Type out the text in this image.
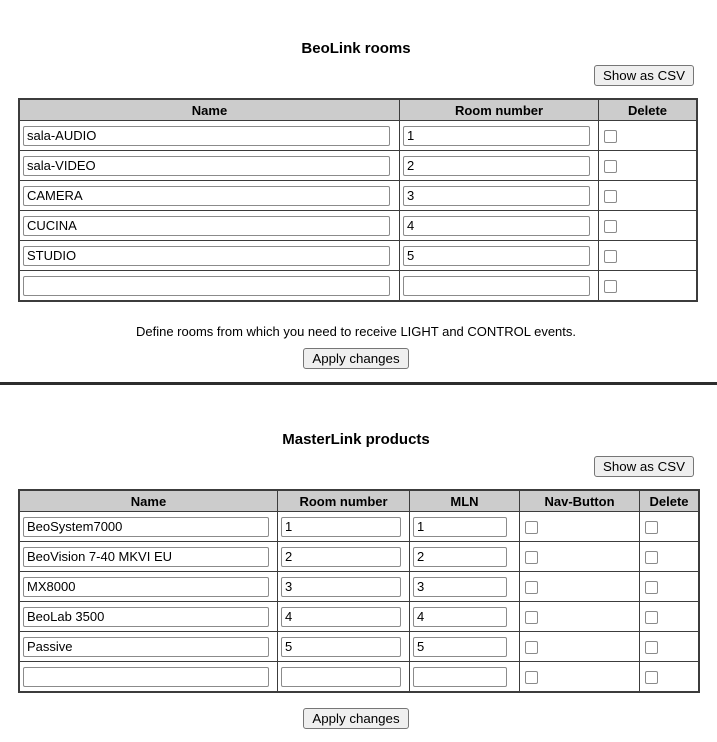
BeoLink rooms
Show as CSV
Name	Room number	Delete
sala-AUDIO	1	
sala-VIDEO	2	
CAMERA	3	
CUCINA	4	
STUDIO	5	

Define rooms from which you need to receive LIGHT and CONTROL events.

Apply changes
MasterLink products
Show as CSV
Name	Room number	MLN	Nav-Button	Delete
BeoSystem7000	1	1		
BeoVision 7-40 MKVI EU	2	2		
MX8000	3	3		
BeoLab 3500	4	4		
Passive	5	5		

Apply changes
